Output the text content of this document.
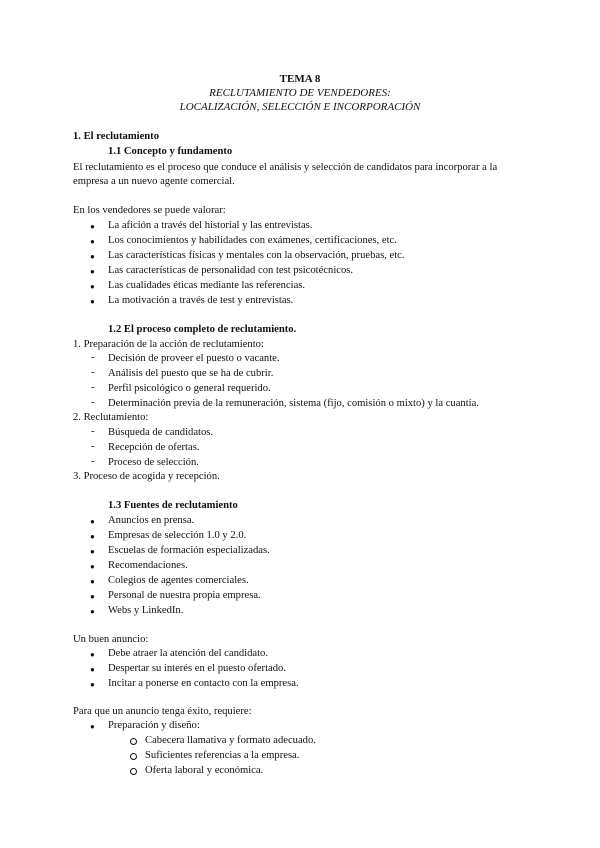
TEMA 8
RECLUTAMIENTO DE VENDEDORES:
LOCALIZACIÓN, SELECCIÓN E INCORPORACIÓN
1. El reclutamiento
1.1 Concepto y fundamento
El reclutamiento es el proceso que conduce el análisis y selección de candidatos para incorporar a la
empresa a un nuevo agente comercial.
En los vendedores se puede valorar:
● La afición a través del historial y las entrevistas.
● Los conocimientos y habilidades con exámenes, certificaciones, etc.
● Las características físicas y mentales con la observación, pruebas, etc.
● Las características de personalidad con test psicotécnicos.
● Las cualidades éticas mediante las referencias.
● La motivación a través de test y entrevistas.
1.2 El proceso completo de reclutamiento.
1. Preparación de la acción de reclutamiento:
- Decisión de proveer el puesto o vacante.
- Análisis del puesto que se ha de cubrir.
- Perfil psicológico o general requerido.
- Determinación previa de la remuneración, sistema (fijo, comisión o mixto) y la cuantía.
2. Reclutamiento:
- Búsqueda de candidatos.
- Recepción de ofertas.
- Proceso de selección.
3. Proceso de acogida y recepción.
1.3 Fuentes de reclutamiento
● Anuncios en prensa.
● Empresas de selección 1.0 y 2.0.
● Escuelas de formación especializadas.
● Recomendaciones.
● Colegios de agentes comerciales.
● Personal de nuestra propia empresa.
● Webs y LinkedIn.
Un buen anuncio:
● Debe atraer la atención del candidato.
● Despertar su interés en el puesto ofertado.
● Incitar a ponerse en contacto con la empresa.
Para que un anuncio tenga éxito, requiere:
● Preparación y diseño:
Cabecera llamativa y formato adecuado.
Suficientes referencias a la empresa.
Oferta laboral y económica.
